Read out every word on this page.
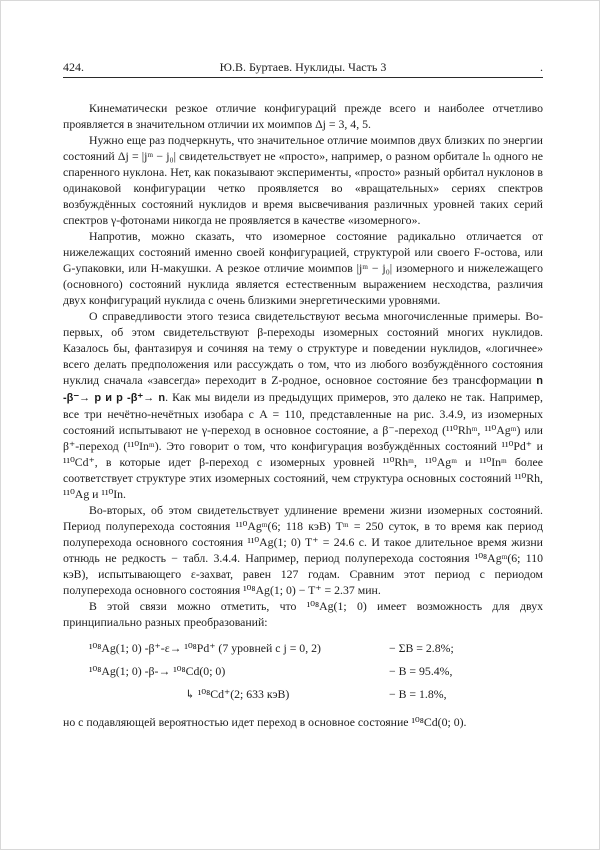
424.	Ю.В. Буртаев. Нуклиды. Часть 3	.

Кинематически резкое отличие конфигураций прежде всего и наиболее отчетливо проявляется в значительном отличии их моимпов Δj = 3, 4, 5.

Нужно еще раз подчеркнуть, что значительное отличие моимпов двух близких по энергии состояний Δj = |jᵐ − j₀| свидетельствует не «просто», например, о разном орбитале lₙ одного не спаренного нуклона. Нет, как показывают эксперименты, «просто» разный орбитал нуклонов в одинаковой конфигурации четко проявляется во «вращательных» сериях спектров возбуждённых состояний нуклидов и время высвечивания различных уровней таких серий спектров γ-фотонами никогда не проявляется в качестве «изомерного».

Напротив, можно сказать, что изомерное состояние радикально отличается от нижележащих состояний именно своей конфигурацией, структурой или своего F-остова, или G-упаковки, или Н-макушки. А резкое отличие моимпов |jᵐ − j₀| изомерного и нижележащего (основного) состояний нуклида является естественным выражением несходства, различия двух конфигураций нуклида с очень близкими энергетическими уровнями.

О справедливости этого тезиса свидетельствуют весьма многочисленные примеры. Во-первых, об этом свидетельствуют β-переходы изомерных состояний многих нуклидов. Казалось бы, фантазируя и сочиняя на тему о структуре и поведении нуклидов, «логичнее» всего делать предположения или рассуждать о том, что из любого возбуждённого состояния нуклид сначала «завсегда» переходит в Z-родное, основное состояние без трансформации n -β⁻→ p и p -β⁺→ n. Как мы видели из предыдущих примеров, это далеко не так. Например, все три нечётно-нечётных изобара с A = 110, представленные на рис. 3.4.9, из изомерных состояний испытывают не γ-переход в основное состояние, а β⁻-переход (¹¹⁰Rhᵐ, ¹¹⁰Agᵐ) или β⁺-переход (¹¹⁰Inᵐ). Это говорит о том, что конфигурация возбуждённых состояний ¹¹⁰Pd⁺ и ¹¹⁰Cd⁺, в которые идет β-переход с изомерных уровней ¹¹⁰Rhᵐ, ¹¹⁰Agᵐ и ¹¹⁰Inᵐ более соответствует структуре этих изомерных состояний, чем структура основных состояний ¹¹⁰Rh, ¹¹⁰Ag и ¹¹⁰In.

Во-вторых, об этом свидетельствует удлинение времени жизни изомерных состояний. Период полуперехода состояния ¹¹⁰Agᵐ(6; 118 кэВ) Tᵐ = 250 суток, в то время как период полуперехода основного состояния ¹¹⁰Ag(1; 0) T⁺ = 24.6 с. И такое длительное время жизни отнюдь не редкость − табл. 3.4.4. Например, период полуперехода состояния ¹⁰⁸Agᵐ(6; 110 кэВ), испытывающего ε-захват, равен 127 годам. Сравним этот период с периодом полуперехода основного состояния ¹⁰⁸Ag(1; 0) − T⁺ = 2.37 мин.

В этой связи можно отметить, что ¹⁰⁸Ag(1; 0) имеет возможность для двух принципиально разных преобразований:

¹⁰⁸Ag(1; 0) -β⁺-ε→ ¹⁰⁸Pd⁺ (7 уровней с j = 0, 2)	− ΣB = 2.8%;
¹⁰⁸Ag(1; 0) -β-→ ¹⁰⁸Cd(0; 0)	− B = 95.4%,
↳ ¹⁰⁸Cd⁺(2; 633 кэВ)	− B = 1.8%,

но с подавляющей вероятностью идет переход в основное состояние ¹⁰⁸Cd(0; 0).
